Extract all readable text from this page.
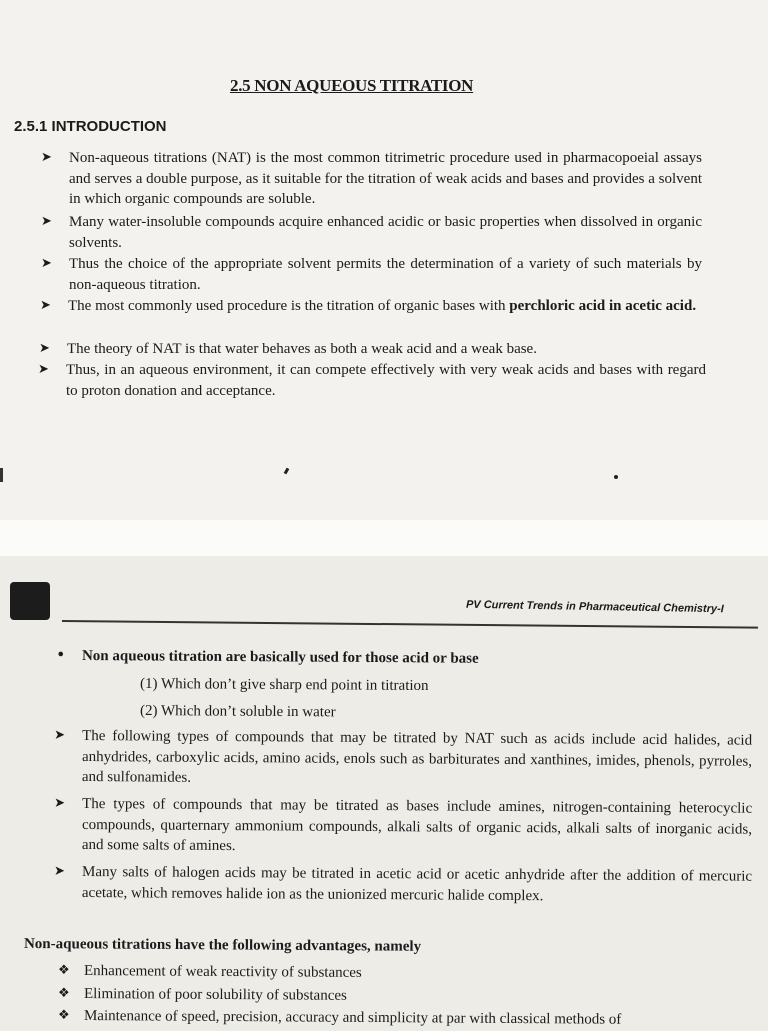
2.5 NON AQUEOUS TITRATION
2.5.1 INTRODUCTION
➤ Non-aqueous titrations (NAT) is the most common titrimetric procedure used in pharmacopoeial assays and serves a double purpose, as it suitable for the titration of weak acids and bases and provides a solvent in which organic compounds are soluble.
➤ Many water-insoluble compounds acquire enhanced acidic or basic properties when dissolved in organic solvents.
➤ Thus the choice of the appropriate solvent permits the determination of a variety of such materials by non-aqueous titration.
➤ The most commonly used procedure is the titration of organic bases with perchloric acid in acetic acid.
➤ The theory of NAT is that water behaves as both a weak acid and a weak base.
➤ Thus, in an aqueous environment, it can compete effectively with very weak acids and bases with regard to proton donation and acceptance.
PV Current Trends in Pharmaceutical Chemistry-I
• Non aqueous titration are basically used for those acid or base
(1) Which don’t give sharp end point in titration
(2) Which don’t soluble in water
➤ The following types of compounds that may be titrated by NAT such as acids include acid halides, acid anhydrides, carboxylic acids, amino acids, enols such as barbiturates and xanthines, imides, phenols, pyrroles, and sulfonamides.
➤ The types of compounds that may be titrated as bases include amines, nitrogen-containing heterocyclic compounds, quarternary ammonium compounds, alkali salts of organic acids, alkali salts of inorganic acids, and some salts of amines.
➤ Many salts of halogen acids may be titrated in acetic acid or acetic anhydride after the addition of mercuric acetate, which removes halide ion as the unionized mercuric halide complex.
Non-aqueous titrations have the following advantages, namely
❖ Enhancement of weak reactivity of substances
❖ Elimination of poor solubility of substances
❖ Maintenance of speed, precision, accuracy and simplicity at par with classical methods of
